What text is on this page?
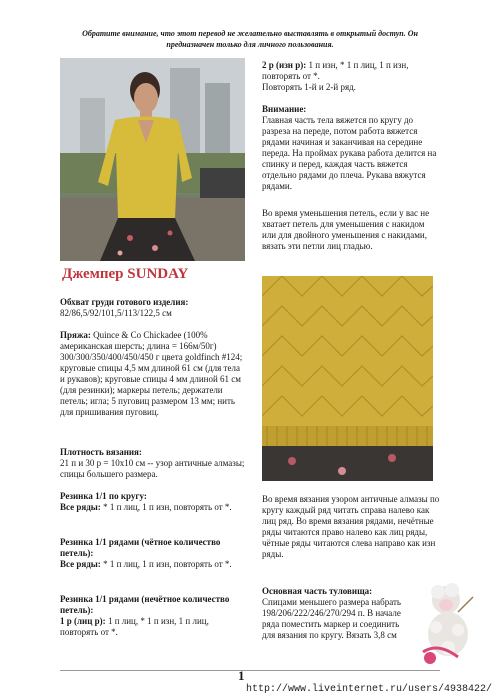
Обратите внимание, что этот перевод не желательно выставлять в открытый доступ. Он предназначен только для личного пользования.
Джемпер SUNDAY

Обхват груди готового изделия:

82/86,5/92/101,5/113/122,5 см

Пряжа: Quince & Co Chickadee (100% американская шерсть; длина = 166м/50г) 300/300/350/400/450/450 г цвета goldfinch #124; круговые спицы 4,5 мм длиной 61 см (для тела и рукавов); круговые спицы 4 мм длиной 61 см (для резинки); маркеры петель; держатели петель; игла; 5 пуговиц размером 13 мм; нить для пришивания пуговиц.

Плотность вязания:

21 п и 30 р = 10х10 см -- узор античные алмазы; спицы большего размера.

Резинка 1/1 по кругу:

Все ряды: * 1 п лиц, 1 п изн, повторять от *.

Резинка 1/1 рядами (чётное количество петель):

Все ряды: * 1 п лиц, 1 п изн, повторять от *.

Резинка 1/1 рядами (нечётное количество петель):

1 р (лиц р): 1 п лиц, * 1 п изн, 1 п лиц, повторять от *.

2 р (изн р): 1 п изн, * 1 п лиц, 1 п изн, повторять от *.

Повторять 1-й и 2-й ряд.

Внимание:

Главная часть тела вяжется по кругу до разреза на переде, потом работа вяжется рядами начиная и заканчивая на середине переда. На проймах рукава работа делится на спинку и перед, каждая часть вяжется отдельно рядами до плеча. Рукава вяжутся рядами.

Во время уменьшения петель, если у вас не хватает петель для уменьшения с накидом или для двойного уменьшения с накидами, вязать эти петли лиц гладью.

Во время вязания узором античные алмазы по кругу каждый ряд читать справа налево как лиц ряд. Во время вязания рядами, нечётные ряды читаются право налево как лиц ряды, чётные ряды читаются слева направо как изн ряды.

Основная часть туловища:

Спицами меньшего размера набрать 198/206/222/246/270/294 п. В начале ряда поместить маркер и соединить для вязания по кругу. Вязать 3,8 см

1
http://www.liveinternet.ru/users/4938422/
